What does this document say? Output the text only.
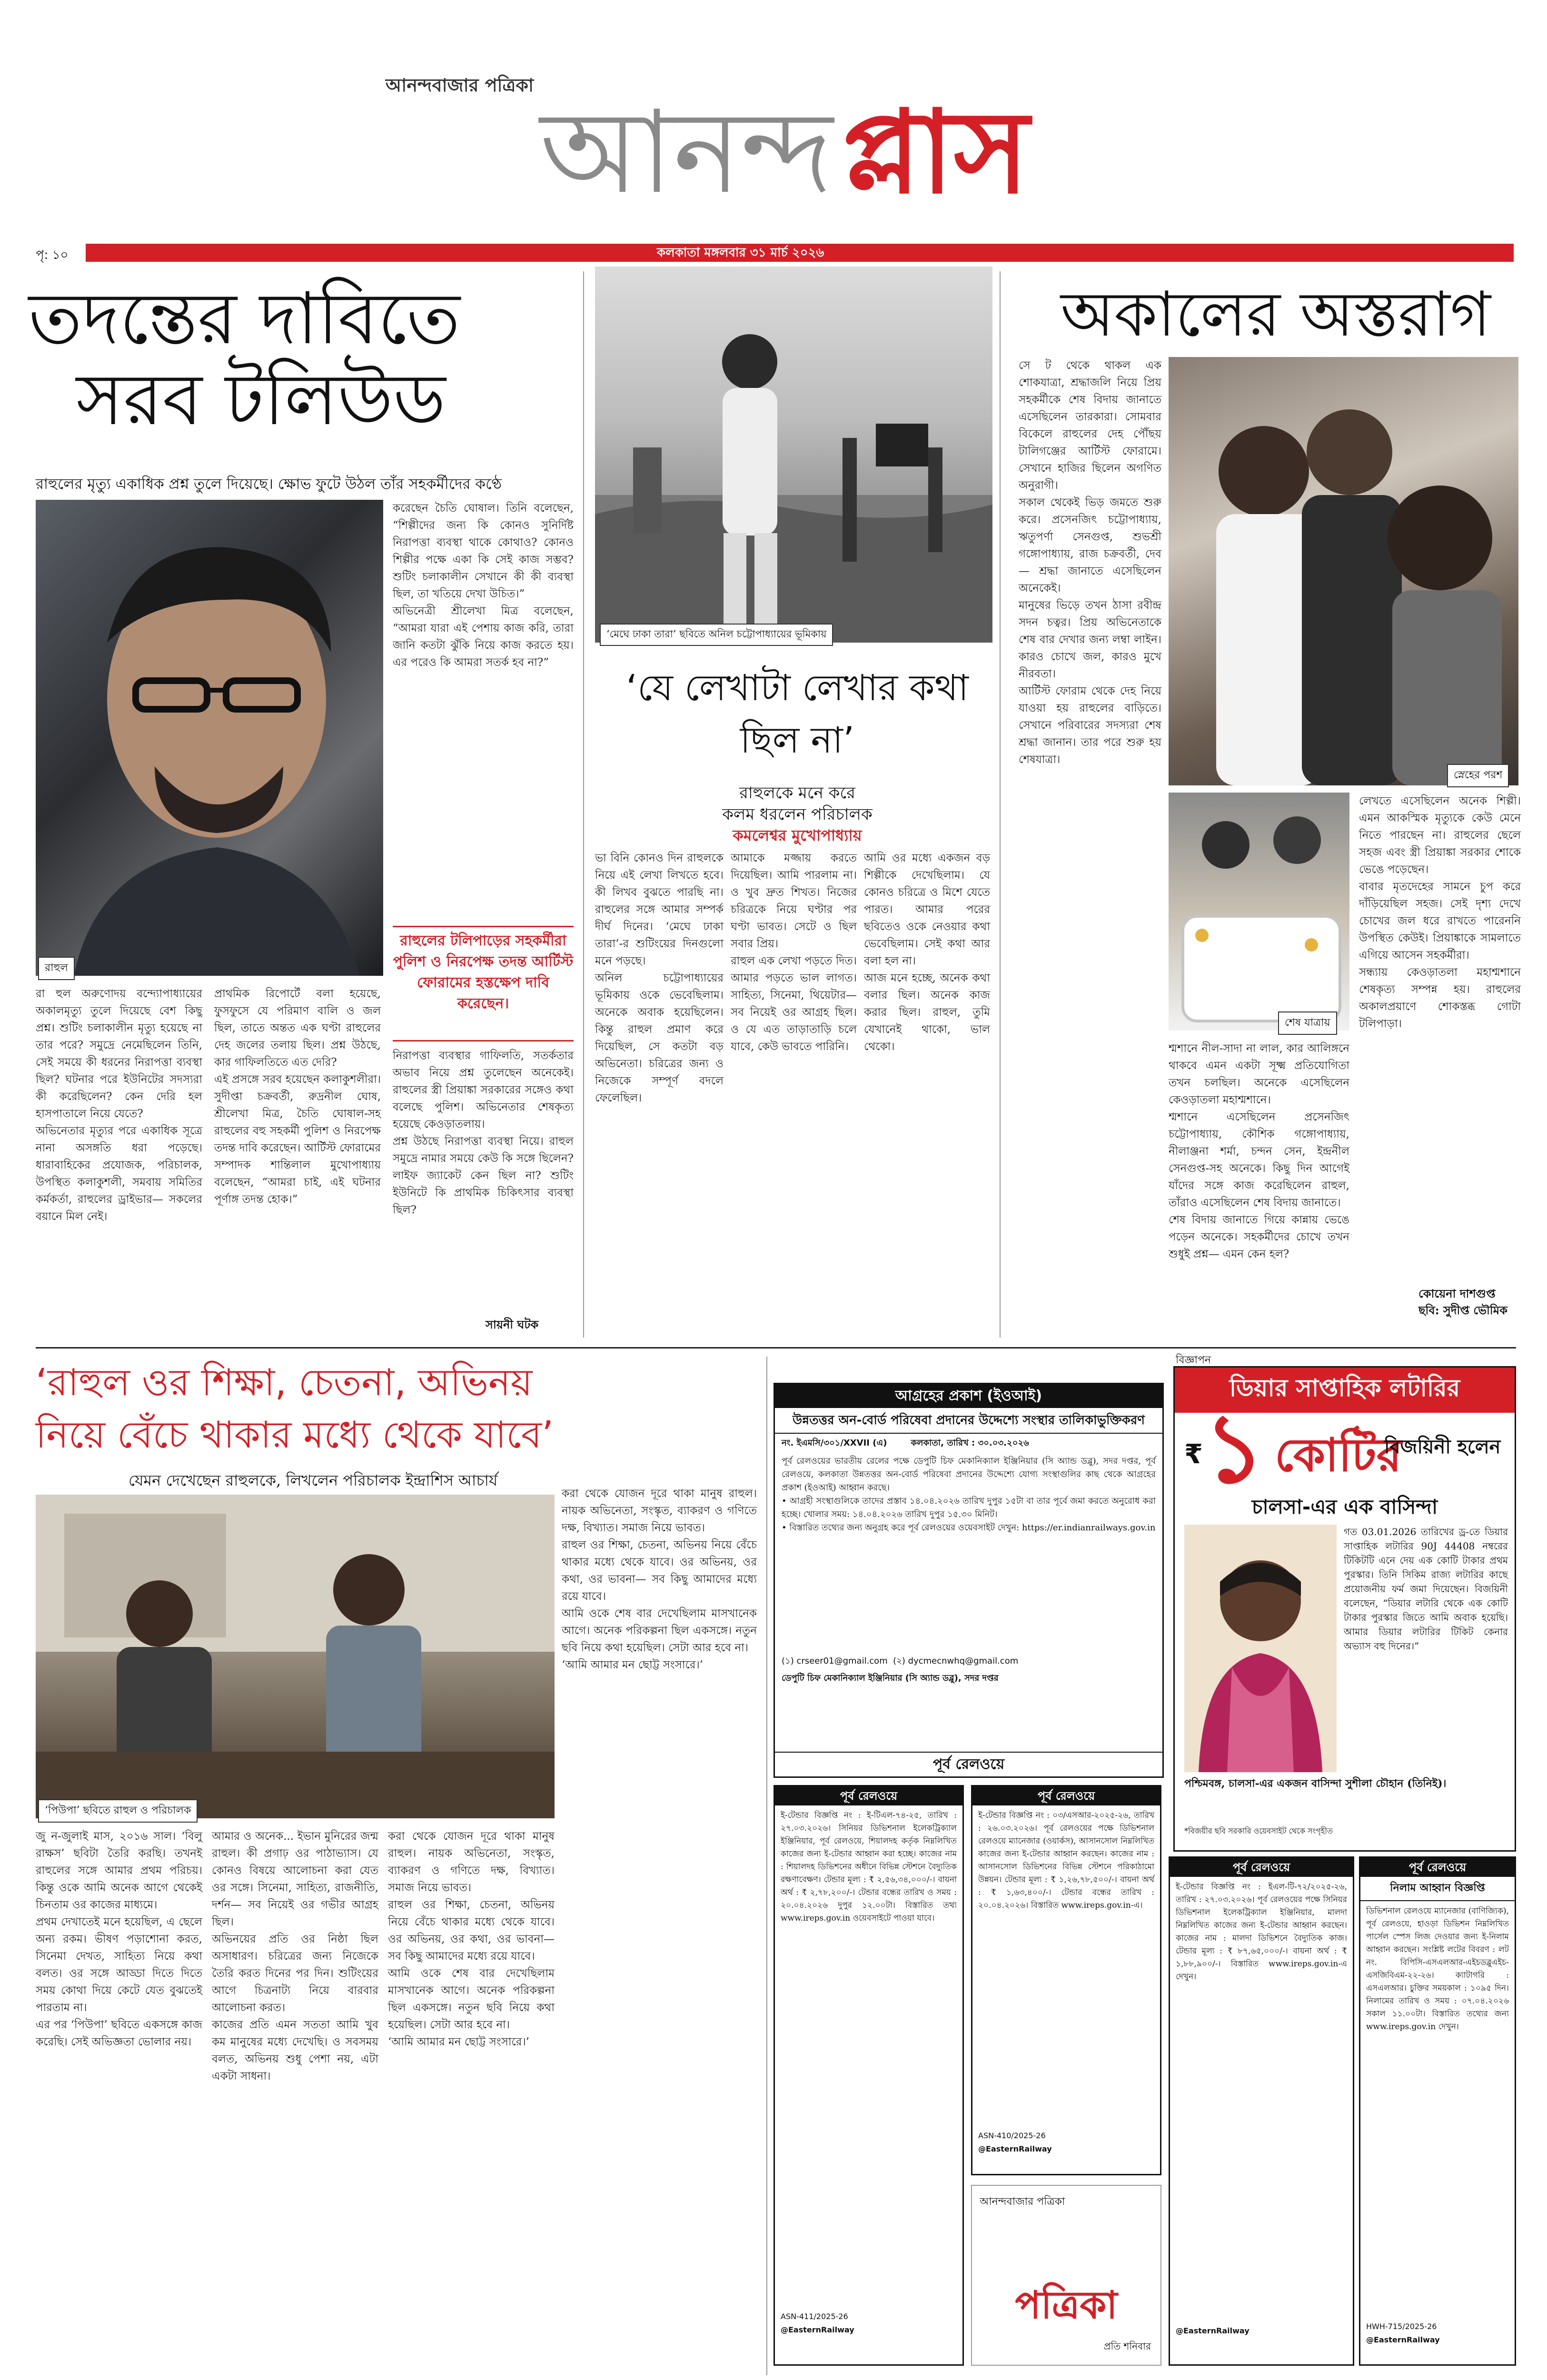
আনন্দবাজার পত্রিকা
আনন্দ প্লাস
পৃ: ১০	কলকাতা মঙ্গলবার ৩১ মার্চ ২০২৬
তদন্তের দাবিতে
সরব টলিউড
রাহুলের মৃত্যু একাধিক প্রশ্ন তুলে দিয়েছে। ক্ষোভ ফুটে উঠল তাঁর সহকর্মীদের কণ্ঠে
রাহুল
করেছেন চৈতি ঘোষাল। তিনি বলেছেন, “শিল্পীদের জন্য কি কোনও সুনির্দিষ্ট নিরাপত্তা ব্যবস্থা থাকে কোথাও? কোনও শিল্পীর পক্ষে একা কি সেই কাজ সম্ভব? শুটিং চলাকালীন সেখানে কী কী ব্যবস্থা ছিল, তা খতিয়ে দেখা উচিত।”
অভিনেত্রী শ্রীলেখা মিত্র বলেছেন, “আমরা যারা এই পেশায় কাজ করি, তারা জানি কতটা ঝুঁকি নিয়ে কাজ করতে হয়। এর পরেও কি আমরা সতর্ক হব না?”
রাহুলের টলিপাড়ের সহকর্মীরা পুলিশ ও নিরপেক্ষ তদন্ত আর্টিস্ট ফোরামের হস্তক্ষেপ দাবি করেছেন।
রা হুল অরুণোদয় বন্দ্যোপাধ্যায়ের অকালমৃত্যু তুলে দিয়েছে বেশ কিছু প্রশ্ন। শুটিং চলাকালীন মৃত্যু হয়েছে না তার পরে? সমুদ্রে নেমেছিলেন তিনি, সেই সময়ে কী ধরনের নিরাপত্তা ব্যবস্থা ছিল? ঘটনার পরে ইউনিটের সদস্যরা কী করেছিলেন? কেন দেরি হল হাসপাতালে নিয়ে যেতে?
অভিনেতার মৃত্যুর পরে একাধিক সূত্রে নানা অসঙ্গতি ধরা পড়েছে। ধারাবাহিকের প্রযোজক, পরিচালক, উপস্থিত কলাকুশলী, সমবায় সমিতির কর্মকর্তা, রাহুলের ড্রাইভার— সকলের বয়ানে মিল নেই।
প্রাথমিক রিপোর্টে বলা হয়েছে, ফুসফুসে যে পরিমাণ বালি ও জল ছিল, তাতে অন্তত এক ঘণ্টা রাহুলের দেহ জলের তলায় ছিল। প্রশ্ন উঠছে, কার গাফিলতিতে এত দেরি?
এই প্রসঙ্গে সরব হয়েছেন কলাকুশলীরা। সুদীপ্তা চক্রবর্তী, রুদ্রনীল ঘোষ, শ্রীলেখা মিত্র, চৈতি ঘোষাল-সহ রাহুলের বহু সহকর্মী পুলিশ ও নিরপেক্ষ তদন্ত দাবি করেছেন। আর্টিস্ট ফোরামের সম্পাদক শান্তিলাল মুখোপাধ্যায় বলেছেন, “আমরা চাই, এই ঘটনার পূর্ণাঙ্গ তদন্ত হোক।”
নিরাপত্তা ব্যবস্থার গাফিলতি, সতর্কতার অভাব নিয়ে প্রশ্ন তুলেছেন অনেকেই। রাহুলের স্ত্রী প্রিয়াঙ্কা সরকারের সঙ্গেও কথা বলেছে পুলিশ। অভিনেতার শেষকৃত্য হয়েছে কেওড়াতলায়।
প্রশ্ন উঠছে নিরাপত্তা ব্যবস্থা নিয়ে। রাহুল সমুদ্রে নামার সময়ে কেউ কি সঙ্গে ছিলেন? লাইফ জ্যাকেট কেন ছিল না? শুটিং ইউনিটে কি প্রাথমিক চিকিৎসার ব্যবস্থা ছিল?
সায়নী ঘটক
‘মেঘে ঢাকা তারা’ ছবিতে অনিল চট্টোপাধ্যায়ের ভূমিকায়
‘যে লেখাটা লেখার কথা ছিল না’
রাহুলকে মনে করে
কলম ধরলেন পরিচালক
কমলেশ্বর মুখোপাধ্যায়
ভা বিনি কোনও দিন রাহুলকে নিয়ে এই লেখা লিখতে হবে। কী লিখব বুঝতে পারছি না। রাহুলের সঙ্গে আমার সম্পর্ক দীর্ঘ দিনের। ‘মেঘে ঢাকা তারা’-র শুটিংয়ের দিনগুলো মনে পড়ছে।
অনিল চট্টোপাধ্যায়ের ভূমিকায় ওকে ভেবেছিলাম। অনেকে অবাক হয়েছিলেন। কিন্তু রাহুল প্রমাণ করে দিয়েছিল, সে কতটা বড় অভিনেতা। চরিত্রের জন্য ও নিজেকে সম্পূর্ণ বদলে ফেলেছিল।
আমাকে মজ্জায় করতে দিয়েছিল। আমি পারলাম না। ও খুব দ্রুত শিখত। নিজের চরিত্রকে নিয়ে ঘণ্টার পর ঘণ্টা ভাবত। সেটে ও ছিল সবার প্রিয়।
রাহুল এক লেখা পড়তে দিত। আমার পড়তে ভাল লাগত। সাহিত্য, সিনেমা, থিয়েটার— সব নিয়েই ওর আগ্রহ ছিল। ও যে এত তাড়াতাড়ি চলে যাবে, কেউ ভাবতে পারিনি।
আমি ওর মধ্যে একজন বড় শিল্পীকে দেখেছিলাম। যে কোনও চরিত্রে ও মিশে যেতে পারত। আমার পরের ছবিতেও ওকে নেওয়ার কথা ভেবেছিলাম। সেই কথা আর বলা হল না।
আজ মনে হচ্ছে, অনেক কথা বলার ছিল। অনেক কাজ করার ছিল। রাহুল, তুমি যেখানেই থাকো, ভাল থেকো।
অকালের অস্তরাগ
সে ট থেকে থাকল এক শোকযাত্রা, শ্রদ্ধাজলি নিয়ে প্রিয় সহকর্মীকে শেষ বিদায় জানাতে এসেছিলেন তারকারা। সোমবার বিকেলে রাহুলের দেহ পৌঁছয় টালিগঞ্জের আর্টিস্ট ফোরামে। সেখানে হাজির ছিলেন অগণিত অনুরাগী।
সকাল থেকেই ভিড় জমতে শুরু করে। প্রসেনজিৎ চট্টোপাধ্যায়, ঋতুপর্ণা সেনগুপ্ত, শুভশ্রী গঙ্গোপাধ্যায়, রাজ চক্রবর্তী, দেব— শ্রদ্ধা জানাতে এসেছিলেন অনেকেই।
মানুষের ভিড়ে তখন ঠাসা রবীন্দ্র সদন চত্বর। প্রিয় অভিনেতাকে শেষ বার দেখার জন্য লম্বা লাইন। কারও চোখে জল, কারও মুখে নীরবতা।
আর্টিস্ট ফোরাম থেকে দেহ নিয়ে যাওয়া হয় রাহুলের বাড়িতে। সেখানে পরিবারের সদস্যরা শেষ শ্রদ্ধা জানান। তার পরে শুরু হয় শেষযাত্রা।
স্নেহের পরশ
শেষ যাত্রায়
শ্মশানে নীল-সাদা না লাল, কার আলিঙ্গনে থাকবে এমন একটা সূক্ষ্ম প্রতিযোগিতা তখন চলছিল। অনেকে এসেছিলেন কেওড়াতলা মহাশ্মশানে।
শ্মশানে এসেছিলেন প্রসেনজিৎ চট্টোপাধ্যায়, কৌশিক গঙ্গোপাধ্যায়, নীলাঞ্জনা শর্মা, চন্দন সেন, ইন্দ্রনীল সেনগুপ্ত-সহ অনেকে। কিছু দিন আগেই যাঁদের সঙ্গে কাজ করেছিলেন রাহুল, তাঁরাও এসেছিলেন শেষ বিদায় জানাতে।
শেষ বিদায় জানাতে গিয়ে কান্নায় ভেঙে পড়েন অনেকে। সহকর্মীদের চোখে তখন শুধুই প্রশ্ন— এমন কেন হল?
লেখতে এসেছিলেন অনেক শিল্পী। এমন আকস্মিক মৃত্যুকে কেউ মেনে নিতে পারছেন না। রাহুলের ছেলে সহজ এবং স্ত্রী প্রিয়াঙ্কা সরকার শোকে ভেঙে পড়েছেন।
বাবার মৃতদেহের সামনে চুপ করে দাঁড়িয়েছিল সহজ। সেই দৃশ্য দেখে চোখের জল ধরে রাখতে পারেননি উপস্থিত কেউই। প্রিয়াঙ্কাকে সামলাতে এগিয়ে আসেন সহকর্মীরা।
সন্ধ্যায় কেওড়াতলা মহাশ্মশানে শেষকৃত্য সম্পন্ন হয়। রাহুলের অকালপ্রয়াণে শোকস্তব্ধ গোটা টলিপাড়া।
কোয়েনা দাশগুপ্ত
ছবি: সুদীপ্ত ভৌমিক
‘রাহুল ওর শিক্ষা, চেতনা, অভিনয়
নিয়ে বেঁচে থাকার মধ্যে থেকে যাবে’
যেমন দেখেছেন রাহুলকে, লিখলেন পরিচালক ইন্দ্রাশিস আচার্য
‘পিউপা’ ছবিতে রাহুল ও পরিচালক
জু ন-জুলাই মাস, ২০১৬ সাল। ‘বিলু রাক্ষস’ ছবিটা তৈরি করছি। তখনই রাহুলের সঙ্গে আমার প্রথম পরিচয়। কিন্তু ওকে আমি অনেক আগে থেকেই চিনতাম ওর কাজের মাধ্যমে।
প্রথম দেখাতেই মনে হয়েছিল, এ ছেলে অন্য রকম। ভীষণ পড়াশোনা করত, সিনেমা দেখত, সাহিত্য নিয়ে কথা বলত। ওর সঙ্গে আড্ডা দিতে দিতে সময় কোথা দিয়ে কেটে যেত বুঝতেই পারতাম না।
এর পর ‘পিউপা’ ছবিতে একসঙ্গে কাজ করেছি। সেই অভিজ্ঞতা ভোলার নয়।
আমার ও অনেক... ইভান মুনিরের জন্ম রাহুল। কী প্রগাঢ় ওর পাঠাভ্যাস। যে কোনও বিষয়ে আলোচনা করা যেত ওর সঙ্গে। সিনেমা, সাহিত্য, রাজনীতি, দর্শন— সব নিয়েই ওর গভীর আগ্রহ ছিল।
অভিনয়ের প্রতি ওর নিষ্ঠা ছিল অসাধারণ। চরিত্রের জন্য নিজেকে তৈরি করত দিনের পর দিন। শুটিংয়ের আগে চিত্রনাট্য নিয়ে বারবার আলোচনা করত।
কাজের প্রতি এমন সততা আমি খুব কম মানুষের মধ্যে দেখেছি। ও সবসময় বলত, অভিনয় শুধু পেশা নয়, এটা একটা সাধনা।
করা থেকে যোজন দূরে থাকা মানুষ রাহুল। নায়ক অভিনেতা, সংস্কৃত, ব্যাকরণ ও গণিতে দক্ষ, বিখ্যাত। সমাজ নিয়ে ভাবত।
রাহুল ওর শিক্ষা, চেতনা, অভিনয় নিয়ে বেঁচে থাকার মধ্যে থেকে যাবে। ওর অভিনয়, ওর কথা, ওর ভাবনা— সব কিছু আমাদের মধ্যে রয়ে যাবে।
আমি ওকে শেষ বার দেখেছিলাম মাসখানেক আগে। অনেক পরিকল্পনা ছিল একসঙ্গে। নতুন ছবি নিয়ে কথা হয়েছিল। সেটা আর হবে না।
‘আমি আমার মন ছোট্ট সংসারে।’
করা থেকে যোজন দূরে থাকা মানুষ রাহুল। নায়ক অভিনেতা, সংস্কৃত, ব্যাকরণ ও গণিতে দক্ষ, বিখ্যাত। সমাজ নিয়ে ভাবত।
রাহুল ওর শিক্ষা, চেতনা, অভিনয় নিয়ে বেঁচে থাকার মধ্যে থেকে যাবে। ওর অভিনয়, ওর কথা, ওর ভাবনা— সব কিছু আমাদের মধ্যে রয়ে যাবে।
আমি ওকে শেষ বার দেখেছিলাম মাসখানেক আগে। অনেক পরিকল্পনা ছিল একসঙ্গে। নতুন ছবি নিয়ে কথা হয়েছিল। সেটা আর হবে না।
‘আমি আমার মন ছোট্ট সংসারে।’
আগ্রহের প্রকাশ (ইওআই)
উন্নতত্তর অন-বোর্ড পরিষেবা প্রদানের উদ্দেশ্যে সংস্থার তালিকাভুক্তিকরণ
নং. ইএমসি/৩০১/XXVII (এ)        কলকাতা, তারিখ : ৩০.০৩.২০২৬
পূর্ব রেলওয়ের ভারতীয় রেলের পক্ষে ডেপুটি চিফ মেকানিক্যাল ইঞ্জিনিয়ার (সি অ্যান্ড ডব্লু), সদর দপ্তর, পূর্ব রেলওয়ে, কলকাতা উন্নতত্তর অন-বোর্ড পরিষেবা প্রদানের উদ্দেশ্যে যোগ্য সংস্থাগুলির কাছ থেকে আগ্রহের প্রকাশ (ইওআই) আহ্বান করছে।
• আগ্রহী সংস্থাগুলিকে তাদের প্রস্তাব ১৪.০৪.২০২৬ তারিখ দুপুর ১৫টা বা তার পূর্বে জমা করতে অনুরোধ করা হচ্ছে। খোলার সময়: ১৪.০৪.২০২৬ তারিখ দুপুর ১৫.৩০ মিনিট।
• বিস্তারিত তথ্যের জন্য অনুগ্রহ করে পূর্ব রেলওয়ের ওয়েবসাইট দেখুন: https://er.indianrailways.gov.in
(১) crseer01@gmail.com  (২) dycmecnwhq@gmail.com
ডেপুটি চিফ মেকানিক্যাল ইঞ্জিনিয়ার (সি অ্যান্ড ডব্লু), সদর দপ্তর
পূর্ব রেলওয়ে
বিজ্ঞাপন
ডিয়ার সাপ্তাহিক লটারির
₹ ১ কোটির
বিজয়িনী হলেন
চালসা-এর এক বাসিন্দা
গত 03.01.2026 তারিখের ড্র-তে ডিয়ার সাপ্তাহিক লটারির 90J 44408 নম্বরের টিকিটটি এনে দেয় এক কোটি টাকার প্রথম পুরস্কার। তিনি সিকিম রাজ্য লটারির কাছে প্রয়োজনীয় ফর্ম জমা দিয়েছেন। বিজয়িনী বলেছেন, “ডিয়ার লটারি থেকে এক কোটি টাকার পুরস্কার জিতে আমি অবাক হয়েছি। আমার ডিয়ার লটারির টিকিট কেনার অভ্যাস বহু দিনের।”
পশ্চিমবঙ্গ, চালসা-এর একজন বাসিন্দা সুশীলা চৌহান (তিনিই)।
*বিজয়ীর ছবি সরকারি ওয়েবসাইট থেকে সংগৃহীত
পূর্ব রেলওয়ে
ই-টেন্ডার বিজ্ঞপ্তি নং : ই-টিএল-৭৪-২৫, তারিখ : ২৭.০৩.২০২৬। সিনিয়র ডিভিশনাল ইলেকট্রিক্যাল ইঞ্জিনিয়ার, পূর্ব রেলওয়ে, শিয়ালদহ কর্তৃক নিম্নলিখিত কাজের জন্য ই-টেন্ডার আহ্বান করা হচ্ছে। কাজের নাম : শিয়ালদহ ডিভিশনের অধীনে বিভিন্ন স্টেশনে বৈদ্যুতিক রক্ষণাবেক্ষণ। টেন্ডার মূল্য : ₹ ২,৫৬,৩৪,০০০/-। বায়না অর্থ : ₹ ২,৭৮,২০০/-। টেন্ডার বন্ধের তারিখ ও সময় : ২০.০৪.২০২৬ দুপুর ১২.০০টা। বিস্তারিত তথ্য www.ireps.gov.in ওয়েবসাইটে পাওয়া যাবে।
ASN-411/2025-26
@EasternRailway
পূর্ব রেলওয়ে
ই-টেন্ডার বিজ্ঞপ্তি নং : ০৩/এসআর-২০২৫-২৬, তারিখ : ২৬.০৩.২০২৬। পূর্ব রেলওয়ের পক্ষে ডিভিশনাল রেলওয়ে ম্যানেজার (ওয়ার্কস), আসানসোল নিম্নলিখিত কাজের জন্য ই-টেন্ডার আহ্বান করছেন। কাজের নাম : আসানসোল ডিভিশনের বিভিন্ন স্টেশনে পরিকাঠামো উন্নয়ন। টেন্ডার মূল্য : ₹ ১,২৬,৭৮,৫০০/-। বায়না অর্থ : ₹ ১,৬৩,৪০০/-। টেন্ডার বন্ধের তারিখ : ২০.০৪.২০২৬। বিস্তারিত www.ireps.gov.in-এ।
ASN-410/2025-26
@EasternRailway
আনন্দবাজার পত্রিকা
পত্রিকা
প্রতি শনিবার
পূর্ব রেলওয়ে
ই-টেন্ডার বিজ্ঞপ্তি নং : ইএল-টি-৭২/২০২৫-২৬, তারিখ : ২৭.০৩.২০২৬। পূর্ব রেলওয়ের পক্ষে সিনিয়র ডিভিশনাল ইলেকট্রিক্যাল ইঞ্জিনিয়ার, মালদা নিম্নলিখিত কাজের জন্য ই-টেন্ডার আহ্বান করছেন। কাজের নাম : মালদা ডিভিশনে বৈদ্যুতিক কাজ। টেন্ডার মূল্য : ₹ ৮৭,৬৫,০০০/-। বায়না অর্থ : ₹ ১,৮৮,৯০০/-। বিস্তারিত www.ireps.gov.in-এ দেখুন।
@EasternRailway
পূর্ব রেলওয়ে
নিলাম আহ্বান বিজ্ঞপ্তি
ডিভিশনাল রেলওয়ে ম্যানেজার (বাণিজ্যিক), পূর্ব রেলওয়ে, হাওড়া ডিভিশন নিম্নলিখিত পার্সেল স্পেস লিজ দেওয়ার জন্য ই-নিলাম আহ্বান করছেন। সংশ্লিষ্ট লটের বিবরণ : লট নং. বিপিসি-এসএলআর-এইচডব্লুএইচ-এসজিবিএম-২২-২৬। ক্যাটাগরি : এসএলআর। চুক্তির সময়কাল : ১০৯৫ দিন। নিলামের তারিখ ও সময় : ০৭.০৪.২০২৬ সকাল ১১.০০টা। বিস্তারিত তথ্যের জন্য www.ireps.gov.in দেখুন।
HWH-715/2025-26
@EasternRailway
